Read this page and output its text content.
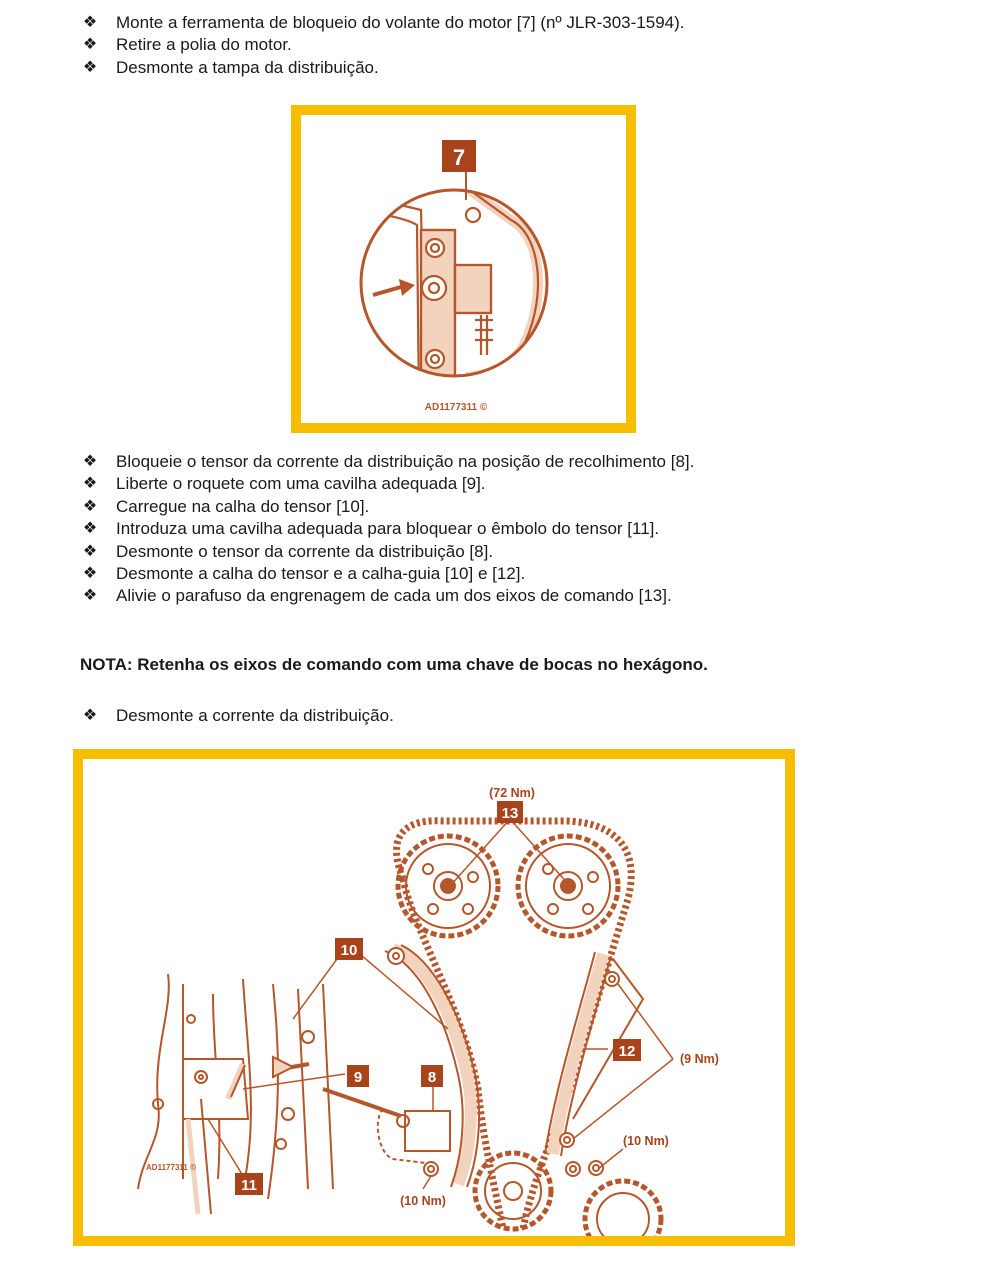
❖ Monte a ferramenta de bloqueio do volante do motor [7] (nº JLR-303-1594).
❖ Retire a polia do motor.
❖ Desmonte a tampa da distribuição.
7
AD1177311 ©
❖ Bloqueie o tensor da corrente da distribuição na posição de recolhimento [8].
❖ Liberte o roquete com uma cavilha adequada [9].
❖ Carregue na calha do tensor [10].
❖ Introduza uma cavilha adequada para bloquear o êmbolo do tensor [11].
❖ Desmonte o tensor da corrente da distribuição [8].
❖ Desmonte a calha do tensor e a calha-guia [10] e [12].
❖ Alivie o parafuso da engrenagem de cada um dos eixos de comando [13].
NOTA: Retenha os eixos de comando com uma chave de bocas no hexágono.
❖ Desmonte a corrente da distribuição.
13
10
9	8
11
12
(72 Nm)
(9 Nm)
(10 Nm)
(10 Nm)
AD1177311 ©
